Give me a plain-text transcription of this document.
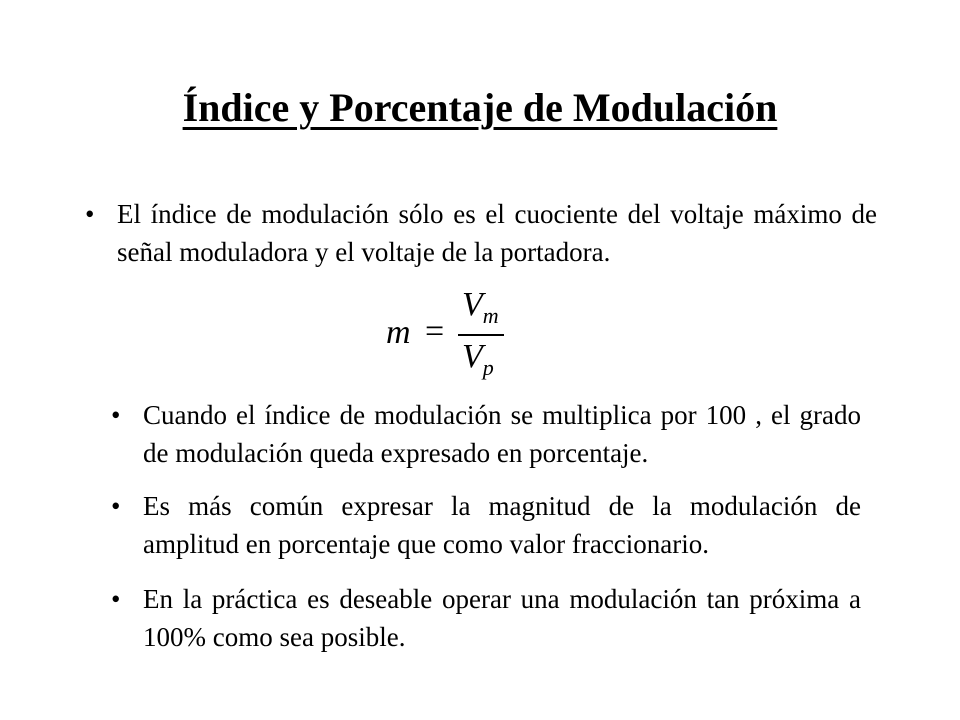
Índice y Porcentaje de Modulación
• El índice de modulación sólo es el cuociente del voltaje máximo de señal moduladora y el voltaje de la portadora.
m =
$V_m$
$V_p$
• Cuando el índice de modulación se multiplica por 100 , el grado de modulación queda expresado en porcentaje.
• Es más común expresar la magnitud de la modulación de amplitud en porcentaje que como valor fraccionario.
• En la práctica es deseable operar una modulación tan próxima a 100% como sea posible.
